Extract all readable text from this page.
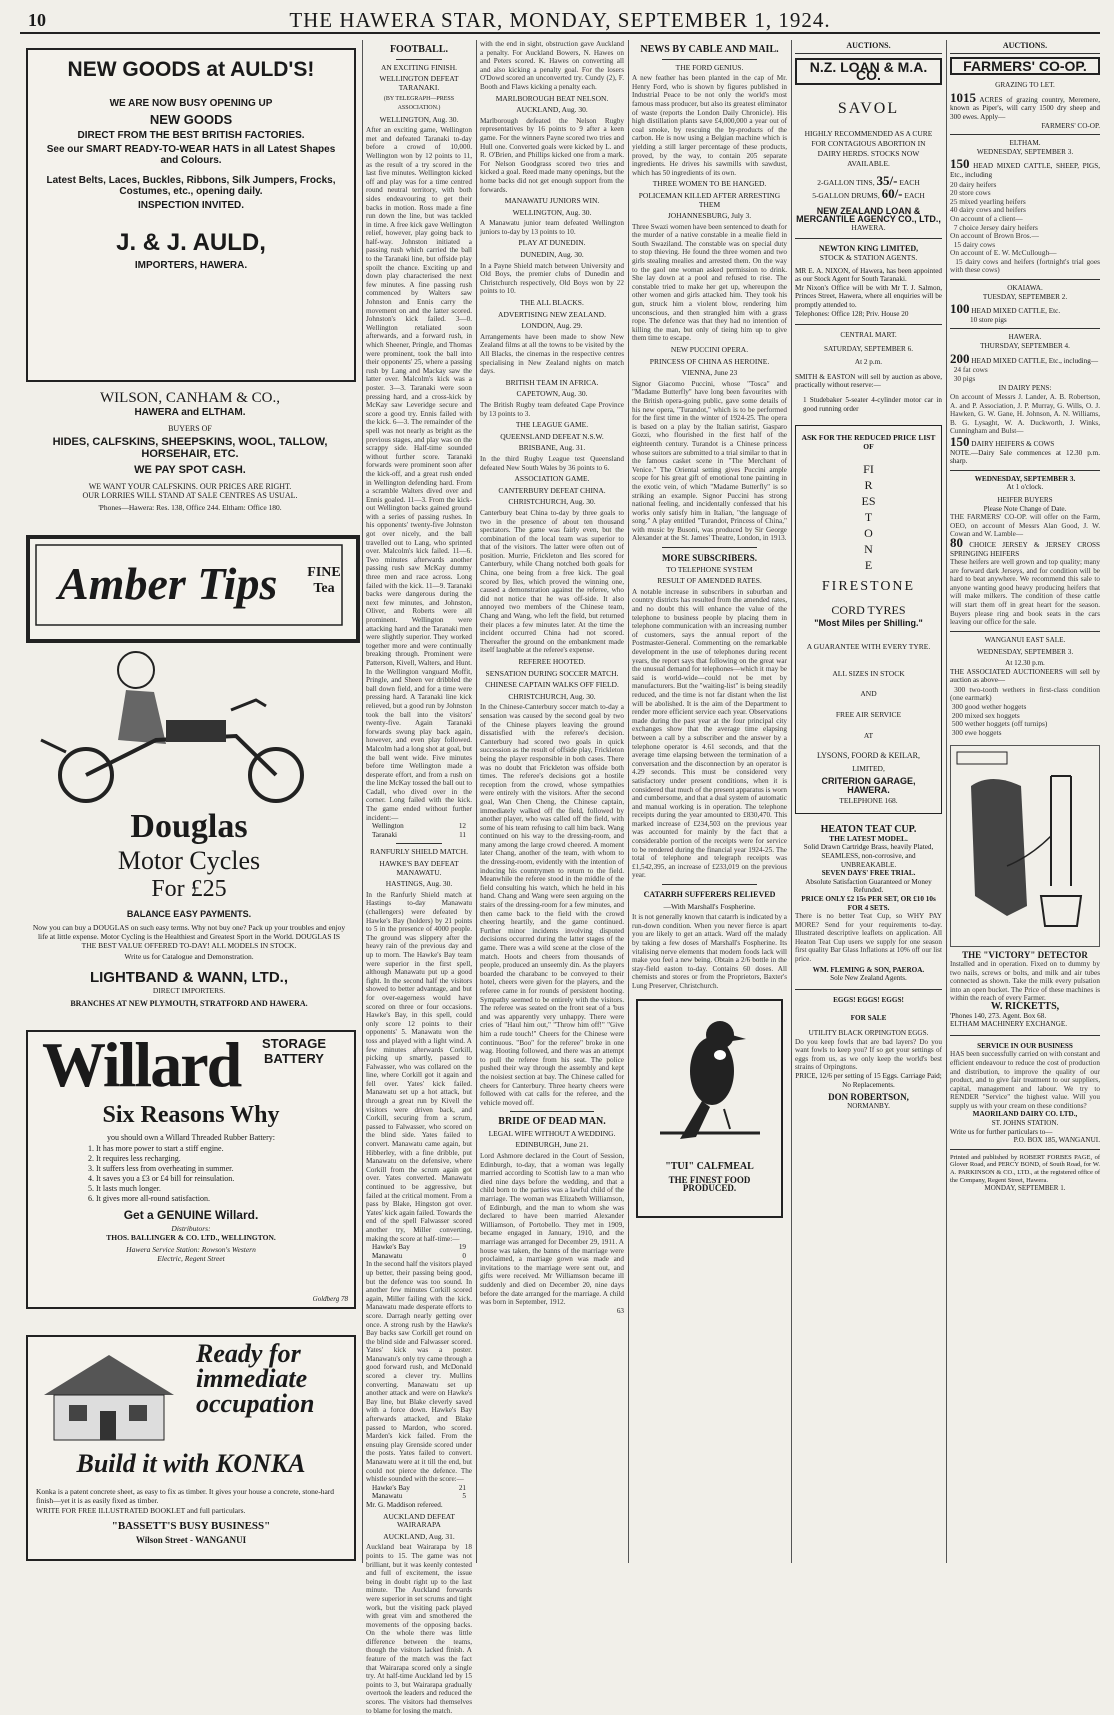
10	THE HAWERA STAR, MONDAY, SEPTEMBER 1, 1924.
NEW GOODS at AULD'S!

WE ARE NOW BUSY OPENING UP

NEW GOODS

DIRECT FROM THE BEST BRITISH FACTORIES.

See our SMART READY-TO-WEAR HATS in all Latest Shapes and Colours.

Latest Belts, Laces, Buckles, Ribbons, Silk Jumpers, Frocks, Costumes, etc., opening daily.

INSPECTION INVITED.

J. & J. AULD,

IMPORTERS, HAWERA.

WILSON, CANHAM & CO.,
HAWERA and ELTHAM.
BUYERS OF
HIDES, CALFSKINS, SHEEPSKINS, WOOL, TALLOW, HORSEHAIR, ETC.
WE PAY SPOT CASH.
WE WANT YOUR CALFSKINS. OUR PRICES ARE RIGHT.
OUR LORRIES WILL STAND AT SALE CENTRES AS USUAL.
'Phones—Hawera: Res. 138, Office 244. Eltham: Office 180.
Amber Tips FINE Tea
Douglas
Motor Cycles
For £25
BALANCE EASY PAYMENTS.
Now you can buy a DOUGLAS on such easy terms. Why not buy one? Pack up your troubles and enjoy life at little expense. Motor Cycling is the Healthiest and Greatest Sport in the World. DOUGLAS IS THE BEST VALUE OFFERED TO-DAY! ALL MODELS IN STOCK.
Write us for Catalogue and Demonstration.
LIGHTBAND & WANN, LTD.,
DIRECT IMPORTERS.
BRANCHES AT NEW PLYMOUTH, STRATFORD AND HAWERA.
Willard	STORAGE BATTERY
Six Reasons Why
you should own a Willard Threaded Rubber Battery:
1. It has more power to start a stiff engine.
2. It requires less recharging.
3. It suffers less from overheating in summer.
4. It saves you a £3 or £4 bill for reinsulation.
5. It lasts much longer.
6. It gives more all-round satisfaction.
Get a GENUINE Willard.
Distributors:
THOS. BALLINGER & CO. LTD., WELLINGTON.
Hawera Service Station: Rowson's Western Electric, Regent Street
Goldberg 78
Ready for
immediate
occupation
Build it with KONKA
Konka is a patent concrete sheet, as easy to fix as timber. It gives your house a concrete, stone-hard finish—yet it is as easily fixed as timber.
WRITE FOR FREE ILLUSTRATED BOOKLET and full particulars.
"BASSETT'S BUSY BUSINESS"
Wilson Street - WANGANUI
FOOTBALL.
AN EXCITING FINISH.
WELLINGTON DEFEAT TARANAKI.
(BY TELEGRAPH—PRESS ASSOCIATION.)
WELLINGTON, Aug. 30.
After an exciting game, Wellington met and defeated Taranaki to-day before a crowd of 10,000. Wellington won by 12 points to 11, as the result of a try scored in the last five minutes. Wellington kicked off and play was for a time centred round neutral territory, with both sides endeavouring to get their backs in motion. Ross made a fine run down the line, but was tackled in time. A free kick gave Wellington relief, however, play going back to half-way. Johnston initiated a passing rush which carried the ball to the Taranaki line, but offside play spoilt the chance. Exciting up and down play characterised the next few minutes. A fine passing rush commenced by Walters saw Johnston and Ennis carry the movement on and the latter scored. Johnston's kick failed. 3—0. Wellington retaliated soon afterwards, and a forward rush, in which Sheener, Pringle, and Thomas were prominent, took the ball into their opponents' 25, where a passing rush by Lang and Mackay saw the latter over. Malcolm's kick was a poster. 3—3. Taranaki were soon pressing hard, and a cross-kick by McKay saw Leveridge secure and score a good try. Ennis failed with the kick. 6—3. The remainder of the spell was not nearly as bright as the previous stages, and play was on the scrappy side. Half-time sounded without further score. Taranaki forwards were prominent soon after the kick-off, and a great rush ended in Wellington defending hard. From a scramble Walters dived over and Ennis goaled. 11—3. From the kick-out Wellington backs gained ground with a series of passing rushes. In his opponents' twenty-five Johnston got over nicely, and the ball travelled out to Lang, who sprinted over. Malcolm's kick failed. 11—6. Two minutes afterwards another passing rush saw McKay dummy three men and race across. Long failed with the kick. 11—9. Taranaki backs were dangerous during the next few minutes, and Johnston, Oliver, and Roberts were all prominent. Wellington were attacking hard and the Taranaki men were slightly superior. They worked together more and were continually breaking through. Prominent were Patterson, Kivell, Walters, and Hunt. In the Wellington vanguard Moffit, Pringle, and Sheen ver dribbled the ball down field, and for a time were pressing hard. A Taranaki line kick relieved, but a good run by Johnston took the ball into the visitors' twenty-five. Again Taranaki forwards swung play back again, however, and even play followed. Malcolm had a long shot at goal, but the ball went wide. Five minutes before time Wellington made a desperate effort, and from a rush on the line McKay tossed the ball out to Cadall, who dived over in the corner. Long failed with the kick. The game ended without further incident:—
Wellington	12
Taranaki	11
RANFURLY SHIELD MATCH.
HAWKE'S BAY DEFEAT MANAWATU.
HASTINGS, Aug. 30.
In the Ranfurly Shield match at Hastings to-day Manawatu (challengers) were defeated by Hawke's Bay (holders) by 21 points to 5 in the presence of 4000 people. The ground was slippery after the heavy rain of the previous day and up to morn. The Hawke's Bay team were superior in the first spell, although Manawatu put up a good fight. In the second half the visitors showed to better advantage, and but for over-eagerness would have scored on three or four occasions. Hawke's Bay, in this spell, could only score 12 points to their opponents' 5. Manawatu won the toss and played with a light wind. A few minutes afterwards Corkill, picking up smartly, passed to Falwasser, who was collared on the line, where Corkill got it again and fell over. Yates' kick failed. Manawatu set up a hot attack, but through a great run by Kivell the visitors were driven back, and Corkill, securing from a scrum, passed to Falwasser, who scored on the blind side. Yates failed to convert. Manawatu came again, but Hibberley, with a fine dribble, put Manawatu on the defensive, where Corkill from the scrum again got over. Yates converted. Manawatu continued to be aggressive, but failed at the critical moment. From a pass by Blake, Hingston got over. Yates' kick again failed. Towards the end of the spell Falwasser scored another try, Miller converting, making the score at half-time:—
Hawke's Bay	19
Manawatu	0
In the second half the visitors played up better, their passing being good, but the defence was too sound. In another few minutes Corkill scored again, Miller failing with the kick. Manawatu made desperate efforts to score. Darragh nearly getting over once. A strong rush by the Hawke's Bay backs saw Corkill get round on the blind side and Falwasser scored. Yates' kick was a poster. Manawatu's only try came through a good forward rush, and McDonald scored a clever try. Mullins converting. Manawatu set up another attack and were on Hawke's Bay line, but Blake cleverly saved with a force down. Hawke's Bay afterwards attacked, and Blake passed to Mardon, who scored. Marden's kick failed. From the ensuing play Grenside scored under the posts. Yates failed to convert. Manawatu were at it till the end, but could not pierce the defence. The whistle sounded with the score:—
Hawke's Bay	21
Manawatu	5
Mr. G. Maddison refereed.
AUCKLAND DEFEAT WAIRARAPA
AUCKLAND, Aug. 31.
Auckland beat Wairarapa by 18 points to 15. The game was not brilliant, but it was keenly contested and full of excitement, the issue being in doubt right up to the last minute. The Auckland forwards were superior in set scrums and tight work, but the visiting pack played with great vim and smothered the movements of the opposing backs. On the whole there was little difference between the teams, though the visitors lacked finish. A feature of the match was the fact that Wairarapa scored only a single try. At half-time Auckland led by 15 points to 3, but Wairarapa gradually overtook the leaders and reduced the scores. The visitors had themselves to blame for losing the match.
with the end in sight, obstruction gave Auckland a penalty. For Auckland Bowers, N. Hawes on and Peters scored. K. Hawes on converting all and also kicking a penalty goal. For the losers O'Dowd scored an unconverted try. Cundy (2), F. Booth and Flaws kicking a penalty each.
MARLBOROUGH BEAT NELSON.
AUCKLAND, Aug. 30.
Marlborough defeated the Nelson Rugby representatives by 16 points to 9 after a keen game. For the winners Payne scored two tries and Hull one. Converted goals were kicked by L. and R. O'Brien, and Phillips kicked one from a mark. For Nelson Goodgrass scored two tries and kicked a goal. Reed made many openings, but the home backs did not get enough support from the forwards.
MANAWATU JUNIORS WIN.
WELLINGTON, Aug. 30.
A Manawatu junior team defeated Wellington juniors to-day by 13 points to 10.
PLAY AT DUNEDIN.
DUNEDIN, Aug. 30.
In a Payne Shield match between University and Old Boys, the premier clubs of Dunedin and Christchurch respectively, Old Boys won by 22 points to 10.
THE ALL BLACKS.
ADVERTISING NEW ZEALAND.
LONDON, Aug. 29.
Arrangements have been made to show New Zealand films at all the towns to be visited by the All Blacks, the cinemas in the respective centres specialising in New Zealand nights on match days.
BRITISH TEAM IN AFRICA.
CAPETOWN, Aug. 30.
The British Rugby team defeated Cape Province by 13 points to 3.
THE LEAGUE GAME.
QUEENSLAND DEFEAT N.S.W.
BRISBANE, Aug. 31.
In the third Rugby League test Queensland defeated New South Wales by 36 points to 6.
ASSOCIATION GAME.
CANTERBURY DEFEAT CHINA.
CHRISTCHURCH, Aug. 30.
Canterbury beat China to-day by three goals to two in the presence of about ten thousand spectators. The game was fairly even, but the combination of the local team was superior to that of the visitors. The latter were often out of position. Murrie, Frickleton and Iles scored for Canterbury, while Chang notched both goals for China, one being from a free kick. The goal scored by Iles, which proved the winning one, caused a demonstration against the referee, who did not notice that he was off-side. It also annoyed two members of the Chinese team, Chang and Wang, who left the field, but returned their places a few minutes later. At the time the incident occurred China had not scored. Thereafter the ground on the embankment made itself laughable at the referee's expense.
REFEREE HOOTED.
SENSATION DURING SOCCER MATCH.
CHINESE CAPTAIN WALKS OFF FIELD.
CHRISTCHURCH, Aug. 30.
In the Chinese-Canterbury soccer match to-day a sensation was caused by the second goal by two of the Chinese players leaving the ground dissatisfied with the referee's decision. Canterbury had scored two goals in quick succession as the result of offside play, Frickleton being the player responsible in both cases. There was no doubt that Frickleton was offside both times. The referee's decisions got a hostile reception from the crowd, whose sympathies were entirely with the visitors. After the second goal, Wan Chen Cheng, the Chinese captain, immediately walked off the field, followed by another player, who was called off the field, with some of his team refusing to call him back. Wang continued on his way to the dressing-room, and many among the large crowd cheered. A moment later Chang, another of the team, with whom to the dressing-room, evidently with the intention of inducing his countrymen to return to the field. Meanwhile the referee stood in the middle of the field consulting his watch, which he held in his hand. Chang and Wang were seen arguing on the stairs of the dressing-room for a few minutes, and then came back to the field with the crowd cheering heartily, and the game continued. Further minor incidents involving disputed decisions occurred during the latter stages of the game. There was a wild scene at the close of the match. Hoots and cheers from thousands of people, produced an unseemly din. As the players boarded the charabanc to be conveyed to their hotel, cheers were given for the players, and the referee came in for rounds of persistent hooting. Sympathy seemed to be entirely with the visitors. The referee was seated on the front seat of a 'bus and was apparently very unhappy. There were cries of "Haul him out," "Throw him off!" "Give him a rude touch!" Cheers for the Chinese were continuous. "Boo" for the referee" broke in one wag. Hooting followed, and there was an attempt to pull the referee from his seat. The police pushed their way through the assembly and kept the noisiest section at bay. The Chinese called for cheers for Canterbury. Three hearty cheers were followed with cat calls for the referee, and the vehicle moved off.
BRIDE OF DEAD MAN.
LEGAL WIFE WITHOUT A WEDDING.
EDINBURGH, June 21.
Lord Ashmore declared in the Court of Session, Edinburgh, to-day, that a woman was legally married according to Scottish law to a man who died nine days before the wedding, and that a child born to the parties was a lawful child of the marriage. The woman was Elizabeth Williamson, of Edinburgh, and the man to whom she was declared to have been married Alexander Williamson, of Portobello. They met in 1909, became engaged in January, 1910, and the marriage was arranged for December 29, 1911. A house was taken, the banns of the marriage were proclaimed, a marriage gown was made and invitations to the marriage were sent out, and gifts were received. Mr Williamson became ill suddenly and died on December 20, nine days before the date arranged for the marriage. A child was born in September, 1912.
63
NEWS BY CABLE AND MAIL.
THE FORD GENIUS.
A new feather has been planted in the cap of Mr. Henry Ford, who is shown by figures published in Industrial Peace to be not only the world's most famous mass producer, but also its greatest eliminator of waste (reports the London Daily Chronicle). His high distillation plants save £4,000,000 a year out of coal smoke, by rescuing the by-products of the carbon. He is now using a Belgian machine which is yielding a still larger percentage of these products, proved, by the way, to contain 205 separate ingredients. He drives his sawmills with sawdust, which has 50 ingredients of its own.
THREE WOMEN TO BE HANGED.
POLICEMAN KILLED AFTER ARRESTING THEM
JOHANNESBURG, July 3.
Three Swazi women have been sentenced to death for the murder of a native constable in a mealie field in South Swaziland. The constable was on special duty to stop thieving. He found the three women and two girls stealing mealies and arrested them. On the way to the gaol one woman asked permission to drink. She lay down at a pool and refused to rise. The constable tried to make her get up, whereupon the other women and girls attacked him. They took his gun, struck him a violent blow, rendering him unconscious, and then strangled him with a grass rope. The defence was that they had no intention of killing the man, but only of tieing him up to give them time to escape.
NEW PUCCINI OPERA.
PRINCESS OF CHINA AS HEROINE.
VIENNA, June 23
Signor Giacomo Puccini, whose "Tosca" and "Madame Butterfly" have long been favourites with the British opera-going public, gave some details of his new opera, "Turandot," which is to be performed for the first time in the winter of 1924-25. The opera is based on a play by the Italian satirist, Gasparo Gozzi, who flourished in the first half of the eighteenth century. Turandot is a Chinese princess whose suitors are submitted to a trial similar to that in the famous casket scene in "The Merchant of Venice." The Oriental setting gives Puccini ample scope for his great gift of emotional tone painting in the exotic vein, of which "Madame Butterfly" is so striking an example. Signor Puccini has strong national feeling, and incidentally confessed that his works only satisfy him in Italian, "the language of song." A play entitled "Turandot, Princess of China," with music by Busoni, was produced by Sir George Alexander at the St. James' Theatre, London, in 1913.
MORE SUBSCRIBERS.
TO TELEPHONE SYSTEM
RESULT OF AMENDED RATES.
A notable increase in subscribers in suburban and country districts has resulted from the amended rates, and no doubt this will enhance the value of the telephone to business people by placing them in telephone communication with an increasing number of customers, says the annual report of the Postmaster-General. Commenting on the remarkable development in the use of telephones during recent years, the report says that following on the great war the unusual demand for telephones—which it may be said is world-wide—could not be met by manufacturers. But the "waiting-list" is being steadily reduced, and the time is not far distant when the list will be abolished. It is the aim of the Department to render more efficient service each year. Observations made during the past year at the four principal city exchanges show that the average time elapsing between a call by a subscriber and the answer by a telephone operator is 4.61 seconds, and that the average time elapsing between the termination of a conversation and the disconnection by an operator is 4.29 seconds. This must be considered very satisfactory under present conditions, when it is considered that much of the present apparatus is worn and cumbersome, and that a dual system of automatic and manual working is in operation. The telephone receipts during the year amounted to £830,470. This marked increase of £234,503 on the previous year was accounted for mainly by the fact that a considerable portion of the receipts were for service to be rendered during the financial year 1924-25. The total of telephone and telegraph receipts was £1,542,395, an increase of £233,019 on the previous year.
CATARRH SUFFERERS RELIEVED
—With Marshall's Fospherine.
It is not generally known that catarrh is indicated by a run-down condition. When you never fierce is apart you are likely to get an attack. Ward off the malady by taking a few doses of Marshall's Fospherine. Its vitalising nerve elements that modern foods lack will make you feel a new being. Obtain a 2/6 bottle in the stay-field easton to-day. Contains 60 doses. All chemists and stores or from the Proprietors, Baxter's Lung Preserver, Christchurch.
"TUI" CALFMEAL
THE FINEST FOOD PRODUCED.
AUCTIONS.
N.Z. LOAN & M.A. CO.
SAVOL
HIGHLY RECOMMENDED AS A CURE FOR CONTAGIOUS ABORTION IN DAIRY HERDS. STOCKS NOW AVAILABLE.
2-GALLON TINS, 35/- EACH
5-GALLON DRUMS, 60/- EACH
NEW ZEALAND LOAN & MERCANTILE AGENCY CO., LTD.,
HAWERA.
NEWTON KING LIMITED,
STOCK & STATION AGENTS.
MR E. A. NIXON, of Hawera, has been appointed as our Stock Agent for South Taranaki.
Mr Nixon's Office will be with Mr T. J. Salmon, Princes Street, Hawera, where all enquiries will be promptly attended to.
Telephones: Office 128; Priv. House 20
CENTRAL MART.
SATURDAY, SEPTEMBER 6.
At 2 p.m.
SMITH & EASTON will sell by auction as above, practically without reserve:—
1 Studebaker 5-seater 4-cylinder motor car in good running order
ASK FOR THE REDUCED PRICE LIST OF
FIRESTONE
FIRESTONE
CORD TYRES
"Most Miles per Shilling."
A GUARANTEE WITH EVERY TYRE.
ALL SIZES IN STOCK
AND
FREE AIR SERVICE
AT
LYSONS, FOORD & KEILAR,
LIMITED,
CRITERION GARAGE, HAWERA.
TELEPHONE 168.
HEATON TEAT CUP.
THE LATEST MODEL.
Solid Drawn Cartridge Brass, heavily Plated, SEAMLESS, non-corrosive, and UNBREAKABLE.
SEVEN DAYS' FREE TRIAL.
Absolute Satisfaction Guaranteed or Money Refunded.
PRICE ONLY £2 15s PER SET, OR £10 10s FOR 4 SETS.
There is no better Teat Cup, so WHY PAY MORE? Send for your requirements to-day. Illustrated descriptive leaflets on application. All Heaton Teat Cup users we supply for one season first quality Bar Glass Inflations at 10% off our list price.
WM. FLEMING & SON, PAEROA.
Sole New Zealand Agents.
EGGS! EGGS! EGGS!
FOR SALE
UTILITY BLACK ORPINGTON EGGS.
Do you keep fowls that are bad layers? Do you want fowls to keep you? If so get your settings of eggs from us, as we only keep the world's best strains of Orpingtons.
PRICE, 12/6 per setting of 15 Eggs. Carriage Paid; No Replacements.
DON ROBERTSON,
NORMANBY.
AUCTIONS.
FARMERS' CO-OP.
GRAZING TO LET.
1015 ACRES of grazing country, Meremere, known as Piper's, will carry 1500 dry sheep and 300 ewes. Apply—
FARMERS' CO-OP.
ELTHAM.
WEDNESDAY, SEPTEMBER 3.
150 HEAD MIXED CATTLE, SHEEP, PIGS, Etc., including
20 dairy heifers
20 store cows
25 mixed yearling heifers
40 dairy cows and heifers
On account of a client—
7 choice Jersey dairy heifers
On account of Brown Bros.—
15 dairy cows
On account of E. W. McCullough—
15 dairy cows and heifers (fortnight's trial goes with these cows)
OKAIAWA.
TUESDAY, SEPTEMBER 2.
100 HEAD MIXED CATTLE, Etc.
10 store pigs
HAWERA.
THURSDAY, SEPTEMBER 4.
200 HEAD MIXED CATTLE, Etc., including—
24 fat cows
30 pigs
IN DAIRY PENS:
On account of Messrs J. Lander, A. B. Robertson, A. and P. Association, J. P. Murray, G. Wills, O. J. Hawken, G. W. Gane, H. Johnson, A. N. Williams, B. G. Lysaght, W. A. Duckworth, J. Winks, Cunningham and Bulst—
150 DAIRY HEIFERS & COWS
NOTE.—Dairy Sale commences at 12.30 p.m. sharp.
WEDNESDAY, SEPTEMBER 3.
At 1 o'clock.
HEIFER BUYERS
Please Note Change of Date.
THE FARMERS' CO-OP. will offer on the Farm, OEO, on account of Messrs Alan Good, J. W. Cowan and W. Lamble—
80 CHOICE JERSEY & JERSEY CROSS SPRINGING HEIFERS
These heifers are well grown and top quality; many are forward dark Jerseys, and for condition will be hard to beat anywhere. We recommend this sale to anyone wanting good heavy producing heifers that will make milkers. The condition of these cattle will start them off in great heart for the season. Buyers please ring and book seats in the cars leaving our office for the sale.
WANGANUI EAST SALE.
WEDNESDAY, SEPTEMBER 3.
At 12.30 p.m.
THE ASSOCIATED AUCTIONEERS will sell by auction as above—
300 two-tooth wethers in first-class condition (one earmark)
300 good wether hoggets
200 mixed sex hoggets
500 wether hoggets (off turnips)
300 ewe hoggets
THE "VICTORY" DETECTOR
Installed and in operation. Fixed on to dummy by two nails, screws or bolts, and milk and air tubes connected as shown. Take the milk every pulsation into an open bucket. The Price of these machines is within the reach of every Farmer.
W. RICKETTS,
'Phones 140, 273. Agent. Box 68.
ELTHAM MACHINERY EXCHANGE.
SERVICE IN OUR BUSINESS
HAS been successfully carried on with constant and efficient endeavour to reduce the cost of production and distribution, to improve the quality of our product, and to give fair treatment to our suppliers, capital, management and labour. We try to RENDER "Service" the highest value. Will you supply us with your cream on these conditions?
MAORILAND DAIRY CO. LTD.,
ST. JOHNS STATION.
Write us for further particulars to—
P.O. BOX 185, WANGANUI.
Printed and published by ROBERT FORBES PAGE, of Glover Road, and PERCY BOND, of South Road, for W. A. PARKINSON & CO., LTD., at the registered office of the Company, Regent Street, Hawera.
MONDAY, SEPTEMBER 1.
